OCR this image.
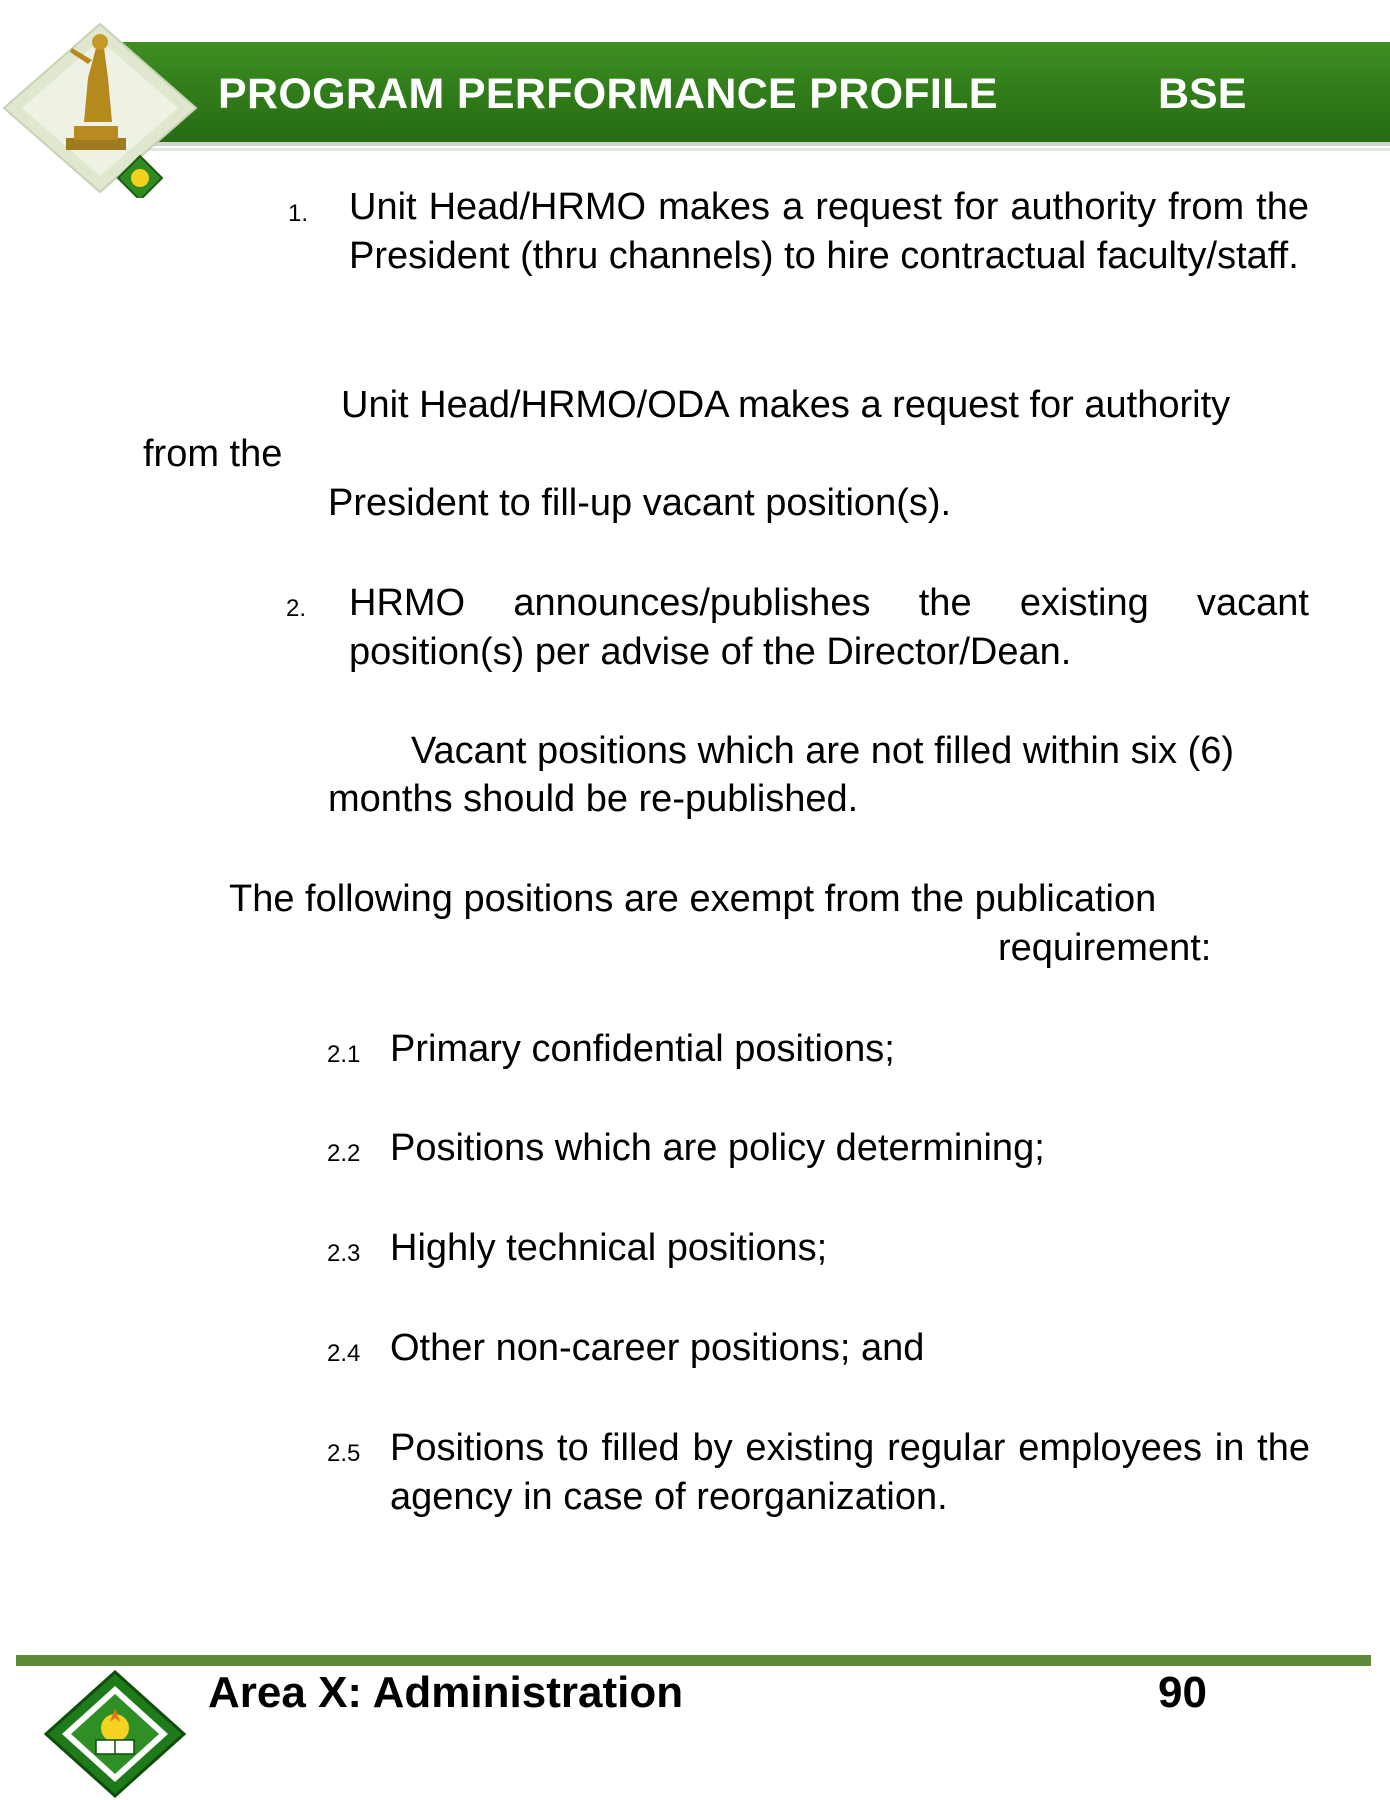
PROGRAM PERFORMANCE PROFILE	BSE
1. Unit Head/HRMO makes a request for authority from the President (thru channels) to hire contractual faculty/staff.
Unit Head/HRMO/ODA makes a request for authority
from the
President to fill-up vacant position(s).
2. HRMO announces/publishes the existing vacant position(s) per advise of the Director/Dean.
Vacant positions which are not filled within six (6)
months should be re-published.
The following positions are exempt from the publication
requirement:
2.1 Primary confidential positions;
2.2 Positions which are policy determining;
2.3 Highly technical positions;
2.4 Other non-career positions; and
2.5 Positions to filled by existing regular employees in the agency in case of reorganization.
Area X: Administration	90
